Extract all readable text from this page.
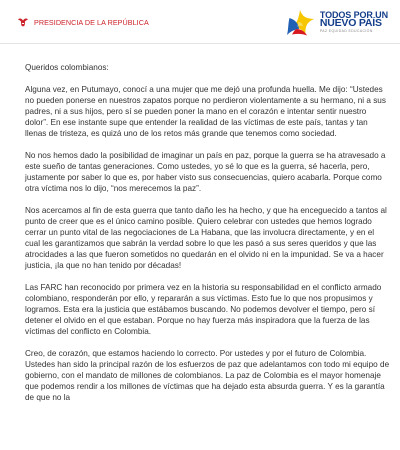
PRESIDENCIA DE LA REPÚBLICA
TODOS POR UN
NUEVO PAÍS
PAZ EQUIDAD EDUCACIÓN

Queridos colombianos:

Alguna vez, en Putumayo, conocí a una mujer que me dejó una profunda huella. Me dijo: “Ustedes no pueden ponerse en nuestros zapatos porque no perdieron violentamente a su hermano, ni a sus padres, ni a sus hijos, pero sí se pueden poner la mano en el corazón e intentar sentir nuestro dolor”. En ese instante supe que entender la realidad de las víctimas de este país, tantas y tan llenas de tristeza, es quizá uno de los retos más grande que tenemos como sociedad.

No nos hemos dado la posibilidad de imaginar un país en paz, porque la guerra se ha atravesado a este sueño de tantas generaciones. Como ustedes, yo sé lo que es la guerra, sé hacerla, pero, justamente por saber lo que es, por haber visto sus consecuencias, quiero acabarla. Porque como otra víctima nos lo dijo, “nos merecemos la paz”.

Nos acercamos al fin de esta guerra que tanto daño les ha hecho, y que ha enceguecido a tantos al punto de creer que es el único camino posible. Quiero celebrar con ustedes que hemos logrado cerrar un punto vital de las negociaciones de La Habana, que las involucra directamente, y en el cual les garantizamos que sabrán la verdad sobre lo que les pasó a sus seres queridos y que las atrocidades a las que fueron sometidos no quedarán en el olvido ni en la impunidad. Se va a hacer justicia, ¡la que no han tenido por décadas!

Las FARC han reconocido por primera vez en la historia su responsabilidad en el conflicto armado colombiano, responderán por ello, y repararán a sus víctimas. Esto fue lo que nos propusimos y logramos. Esta era la justicia que estábamos buscando. No podemos devolver el tiempo, pero sí detener el olvido en el que estaban. Porque no hay fuerza más inspiradora que la fuerza de las víctimas del conflicto en Colombia.

Creo, de corazón, que estamos haciendo lo correcto. Por ustedes y por el futuro de Colombia. Ustedes han sido la principal razón de los esfuerzos de paz que adelantamos con todo mi equipo de gobierno, con el mandato de millones de colombianos. La paz de Colombia es el mayor homenaje que podemos rendir a los millones de víctimas que ha dejado esta absurda guerra. Y es la garantía de que no la
